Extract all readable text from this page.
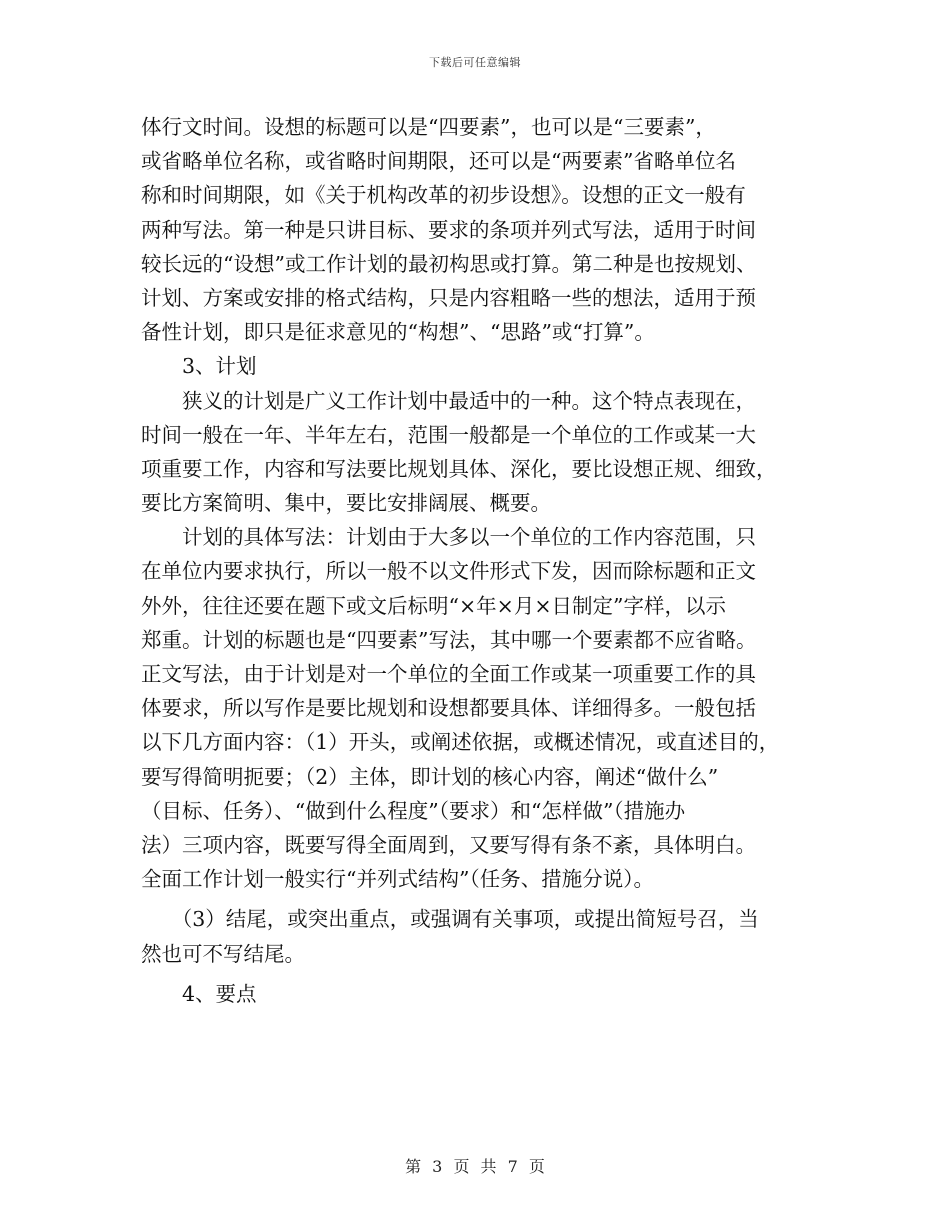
下载后可任意编辑
体行文时间。设想的标题可以是“四要素”，也可以是“三要素”，
或省略单位名称，或省略时间期限，还可以是“两要素”省略单位名
称和时间期限，如《关于机构改革的初步设想》。设想的正文一般有
两种写法。第一种是只讲目标、要求的条项并列式写法，适用于时间
较长远的“设想”或工作计划的最初构思或打算。第二种是也按规划、
计划、方案或安排的格式结构，只是内容粗略一些的想法，适用于预
备性计划，即只是征求意见的“构想”、“思路”或“打算”。
　　3、计划
　　狭义的计划是广义工作计划中最适中的一种。这个特点表现在，
时间一般在一年、半年左右，范围一般都是一个单位的工作或某一大
项重要工作，内容和写法要比规划具体、深化，要比设想正规、细致，
要比方案简明、集中，要比安排阔展、概要。
　　计划的具体写法：计划由于大多以一个单位的工作内容范围，只
在单位内要求执行，所以一般不以文件形式下发，因而除标题和正文
外外，往往还要在题下或文后标明“×年×月×日制定”字样，以示
郑重。计划的标题也是“四要素”写法，其中哪一个要素都不应省略。
正文写法，由于计划是对一个单位的全面工作或某一项重要工作的具
体要求，所以写作是要比规划和设想都要具体、详细得多。一般包括
以下几方面内容：（1）开头，或阐述依据，或概述情况，或直述目的，
要写得简明扼要；（2）主体，即计划的核心内容，阐述“做什么”
（目标、任务）、“做到什么程度”（要求）和“怎样做”（措施办
法）三项内容，既要写得全面周到，又要写得有条不紊，具体明白。
全面工作计划一般实行“并列式结构”（任务、措施分说）。
　　（3）结尾，或突出重点，或强调有关事项，或提出简短号召，当
然也可不写结尾。
　　4、要点
第 3 页 共 7 页
